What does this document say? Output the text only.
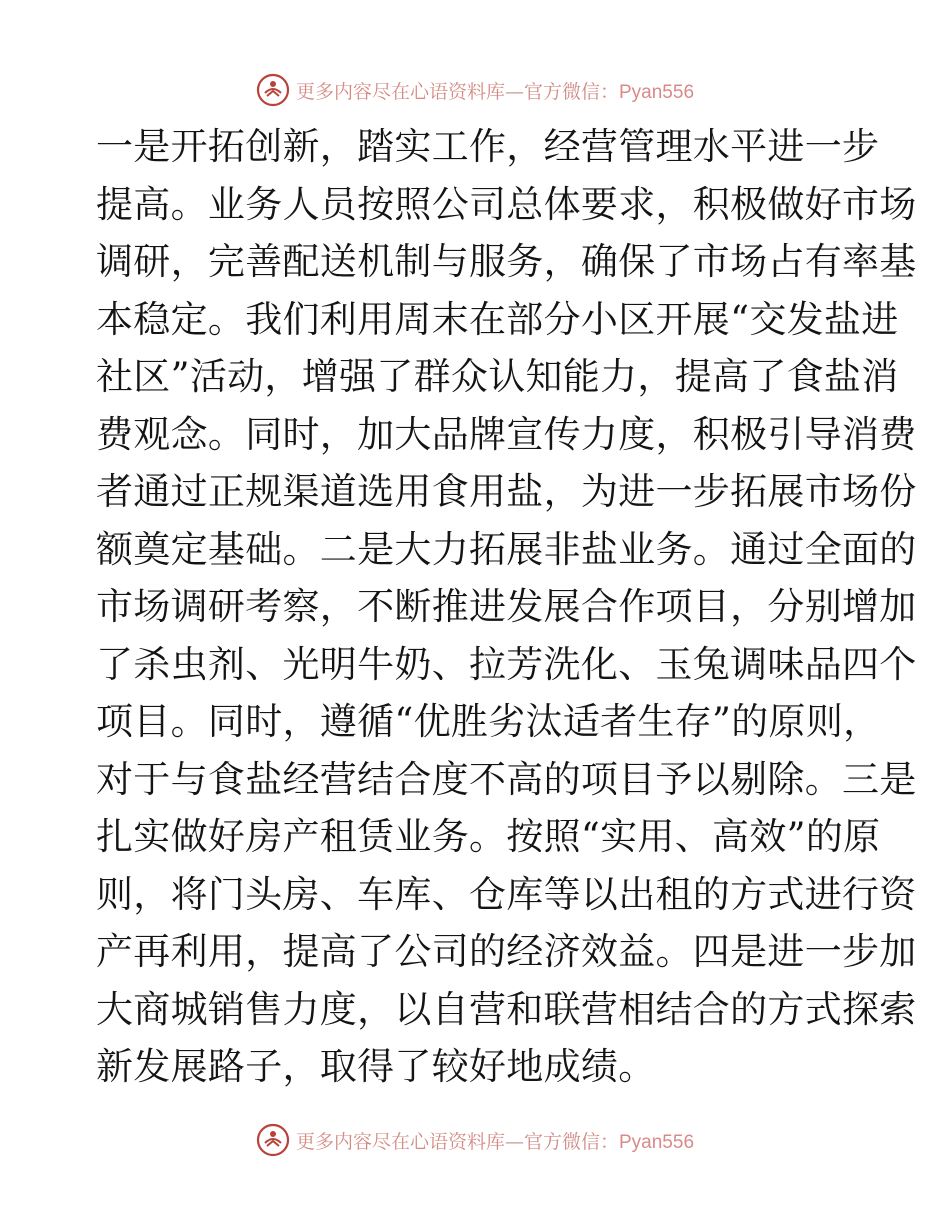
更多内容尽在心语资料库—官方微信：Pyan556
一是开拓创新，踏实工作，经营管理水平进一步
提高。业务人员按照公司总体要求，积极做好市场
调研，完善配送机制与服务，确保了市场占有率基
本稳定。我们利用周末在部分小区开展“交发盐进
社区”活动，增强了群众认知能力，提高了食盐消
费观念。同时，加大品牌宣传力度，积极引导消费
者通过正规渠道选用食用盐，为进一步拓展市场份
额奠定基础。二是大力拓展非盐业务。通过全面的
市场调研考察，不断推进发展合作项目，分别增加
了杀虫剂、光明牛奶、拉芳洗化、玉兔调味品四个
项目。同时，遵循“优胜劣汰适者生存”的原则，
对于与食盐经营结合度不高的项目予以剔除。三是
扎实做好房产租赁业务。按照“实用、高效”的原
则，将门头房、车库、仓库等以出租的方式进行资
产再利用，提高了公司的经济效益。四是进一步加
大商城销售力度，以自营和联营相结合的方式探索
新发展路子，取得了较好地成绩。
更多内容尽在心语资料库—官方微信：Pyan556
